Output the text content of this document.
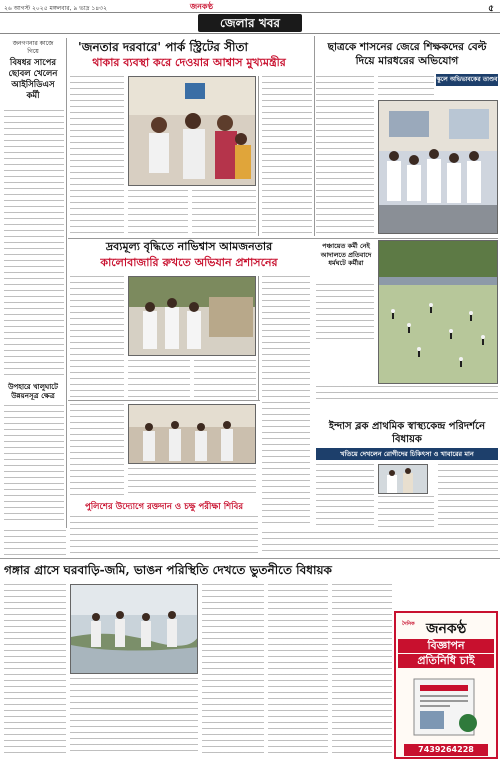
২৬ আগস্ট ২০২৫ মঙ্গলবার, ৯ ভাদ্র ১৪৩২	জনকণ্ঠ	৫
জেলার খবর
জনগণনার কাজে গিয়ে
বিষধর সাপের ছোবল খেলেন আইসিডিএস কর্মী
উপহারে খালুঘাটে উন্নয়নসূত্র ক্ষেত্র
'জনতার দরবারে' পার্ক স্ট্রিটের সীতা
থাকার ব্যবস্থা করে দেওয়ার আশ্বাস মুখ্যমন্ত্রীর
ছাত্রকে শাসনের জেরে শিক্ষকদের বেল্ট দিয়ে মারধরের অভিযোগ
স্কুলে অভিভাবকের তাণ্ডব
দ্রব্যমূল্য বৃদ্ধিতে নাভিশ্বাস আমজনতার
কালোবাজারি রুখতে অভিযান প্রশাসনের
পঞ্চায়েত কর্মী নেই আদালতে প্রতিবাদে ধর্মঘটে কর্মীরা
ইন্দাস ব্লক প্রাথমিক স্বাস্থ্যকেন্দ্র পরিদর্শনে বিধায়ক
খতিয়ে দেখলেন রোগীদের চিকিৎসা ও খাবারের মান
পুলিশের উদ্যোগে রক্তদান ও চক্ষু পরীক্ষা শিবির
গঙ্গার গ্রাসে ঘরবাড়ি-জমি, ভাঙন পরিস্থিতি দেখতে ভুতনীতে বিধায়ক
দৈনিক জনকণ্ঠ
বিজ্ঞাপন
প্রতিনিধি চাই
7439264228
